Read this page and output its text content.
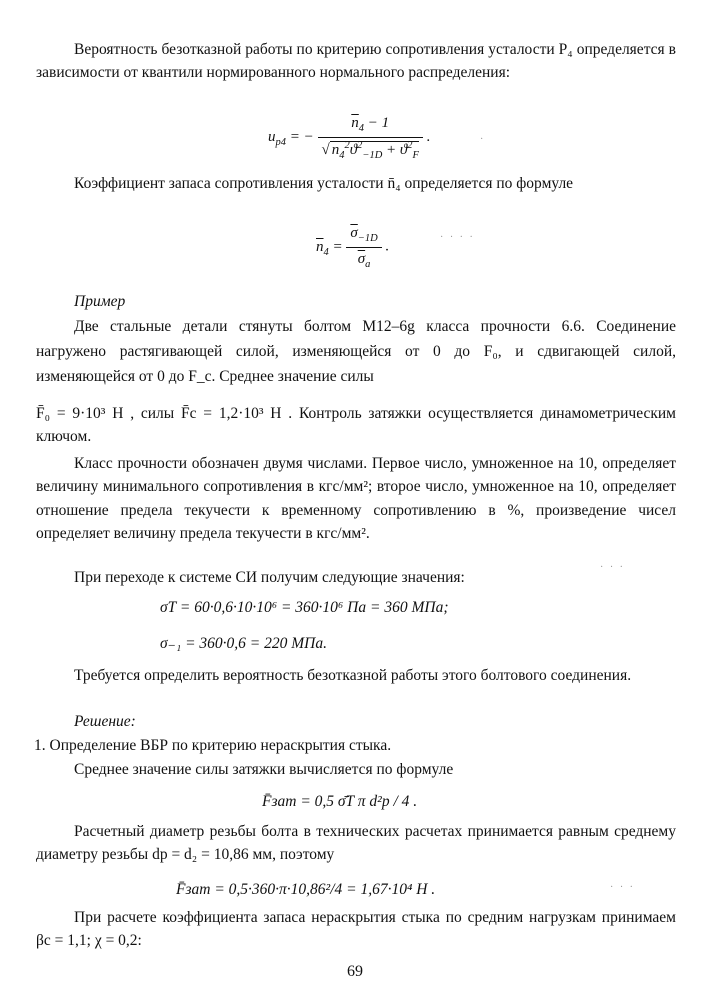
Вероятность безотказной работы по критерию сопротивления усталости P₄ определяется в зависимости от квантили нормированного нормального распределения:

$u_{p4}$ = − $\frac{\overline{n}_4 - 1}{√ n_4^2ϑ^2_{-1D} + ϑ^2_F}$ .

Коэффициент запаса сопротивления усталости n̄₄ определяется по формуле

$\overline{n}_4 = \frac{\overline{\sigma}_{-1D}}{\overline{\sigma}_a}$ .

Пример

Две стальные детали стянуты болтом M12–6g класса прочности 6.6. Соединение нагружено растягивающей силой, изменяющейся от 0 до F₀, и сдвигающей силой, изменяющейся от 0 до F_c. Среднее значение силы

F̄₀ = 9·10³ H , силы F̄c = 1,2·10³ H . Контроль затяжки осуществляется динамометрическим ключом.

Класс прочности обозначен двумя числами. Первое число, умноженное на 10, определяет величину минимального сопротивления в кгс/мм²; второе число, умноженное на 10, определяет отношение предела текучести к временному сопротивлению в %, произведение чисел определяет величину предела текучести в кгс/мм².

При переходе к системе СИ получим следующие значения:

σT = 60·0,6·10·10⁶ = 360·10⁶ Па = 360 МПа;
σ₋₁ = 360·0,6 = 220 МПа.

Требуется определить вероятность безотказной работы этого болтового соединения.

Решение:

1. Определение ВБР по критерию нераскрытия стыка.

Среднее значение силы затяжки вычисляется по формуле

F̄зат = 0,5 σ̄T π d²p / 4 .

Расчетный диаметр резьбы болта в технических расчетах принимается равным среднему диаметру резьбы dp = d₂ = 10,86 мм, поэтому

F̄зат = 0,5·360·π·10,86²/4 = 1,67·10⁴ H .

При расчете коэффициента запаса нераскрытия стыка по средним нагрузкам принимаем βc = 1,1; χ = 0,2:

69
·
· · · ·
· · ·
· · ·
